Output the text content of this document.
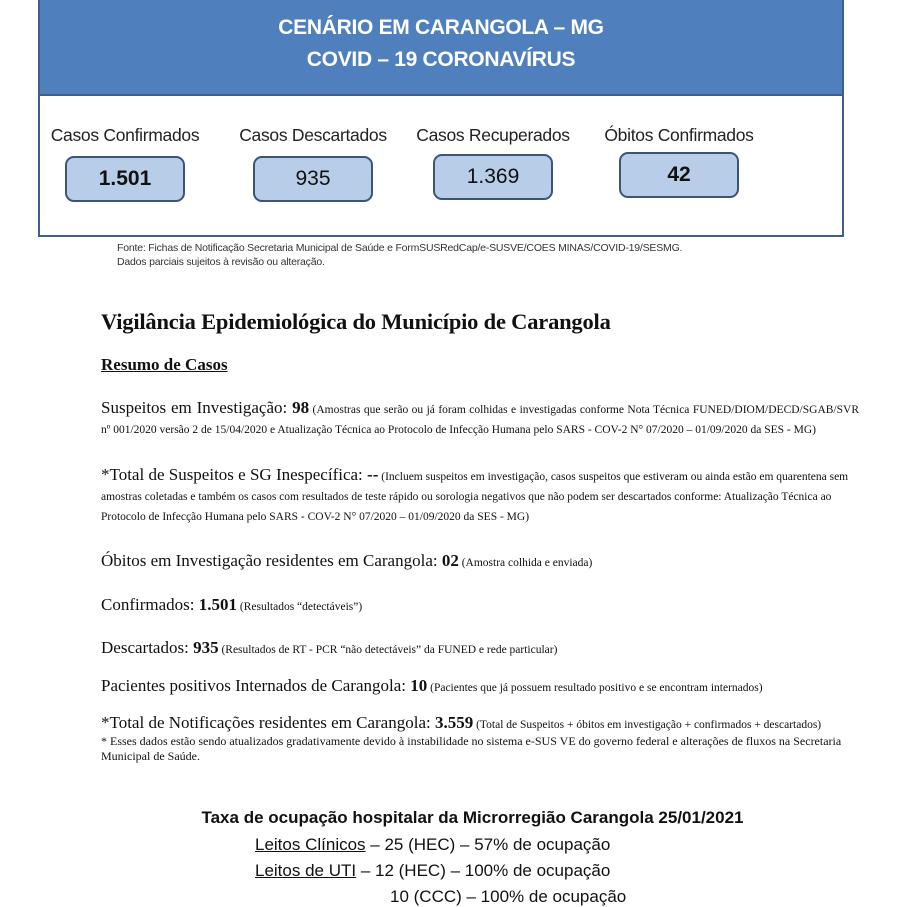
CENÁRIO EM CARANGOLA – MG
COVID – 19 CORONAVÍRUS
Casos Confirmados
1.501
Casos Descartados
935
Casos Recuperados
1.369
Óbitos Confirmados
42
Fonte: Fichas de Notificação Secretaria Municipal de Saúde e FormSUSRedCap/e-SUSVE/COES MINAS/COVID-19/SESMG.
Dados parciais sujeitos à revisão ou alteração.
Vigilância Epidemiológica do Município de Carangola
Resumo de Casos
Suspeitos em Investigação: 98 (Amostras que serão ou já foram colhidas e investigadas conforme Nota Técnica FUNED/DIOM/DECD/SGAB/SVR nº 001/2020 versão 2 de 15/04/2020 e Atualização Técnica ao Protocolo de Infecção Humana pelo SARS - COV-2 N° 07/2020 – 01/09/2020 da SES - MG)
*Total de Suspeitos e SG Inespecífica: -- (Incluem suspeitos em investigação, casos suspeitos que estiveram ou ainda estão em quarentena sem amostras coletadas e também os casos com resultados de teste rápido ou sorologia negativos que não podem ser descartados conforme: Atualização Técnica ao Protocolo de Infecção Humana pelo SARS - COV-2 N° 07/2020 – 01/09/2020 da SES - MG)
Óbitos em Investigação residentes em Carangola: 02 (Amostra colhida e enviada)
Confirmados: 1.501 (Resultados “detectáveis”)
Descartados: 935 (Resultados de RT - PCR “não detectáveis” da FUNED e rede particular)
Pacientes positivos Internados de Carangola: 10 (Pacientes que já possuem resultado positivo e se encontram internados)
*Total de Notificações residentes em Carangola: 3.559 (Total de Suspeitos + óbitos em investigação + confirmados + descartados)
* Esses dados estão sendo atualizados gradativamente devido à instabilidade no sistema e-SUS VE do governo federal e alterações de fluxos na Secretaria Municipal de Saúde.
Taxa de ocupação hospitalar da Microrregião Carangola 25/01/2021
Leitos Clínicos – 25 (HEC) – 57% de ocupação
Leitos de UTI – 12 (HEC) – 100% de ocupação
10 (CCC) – 100% de ocupação
